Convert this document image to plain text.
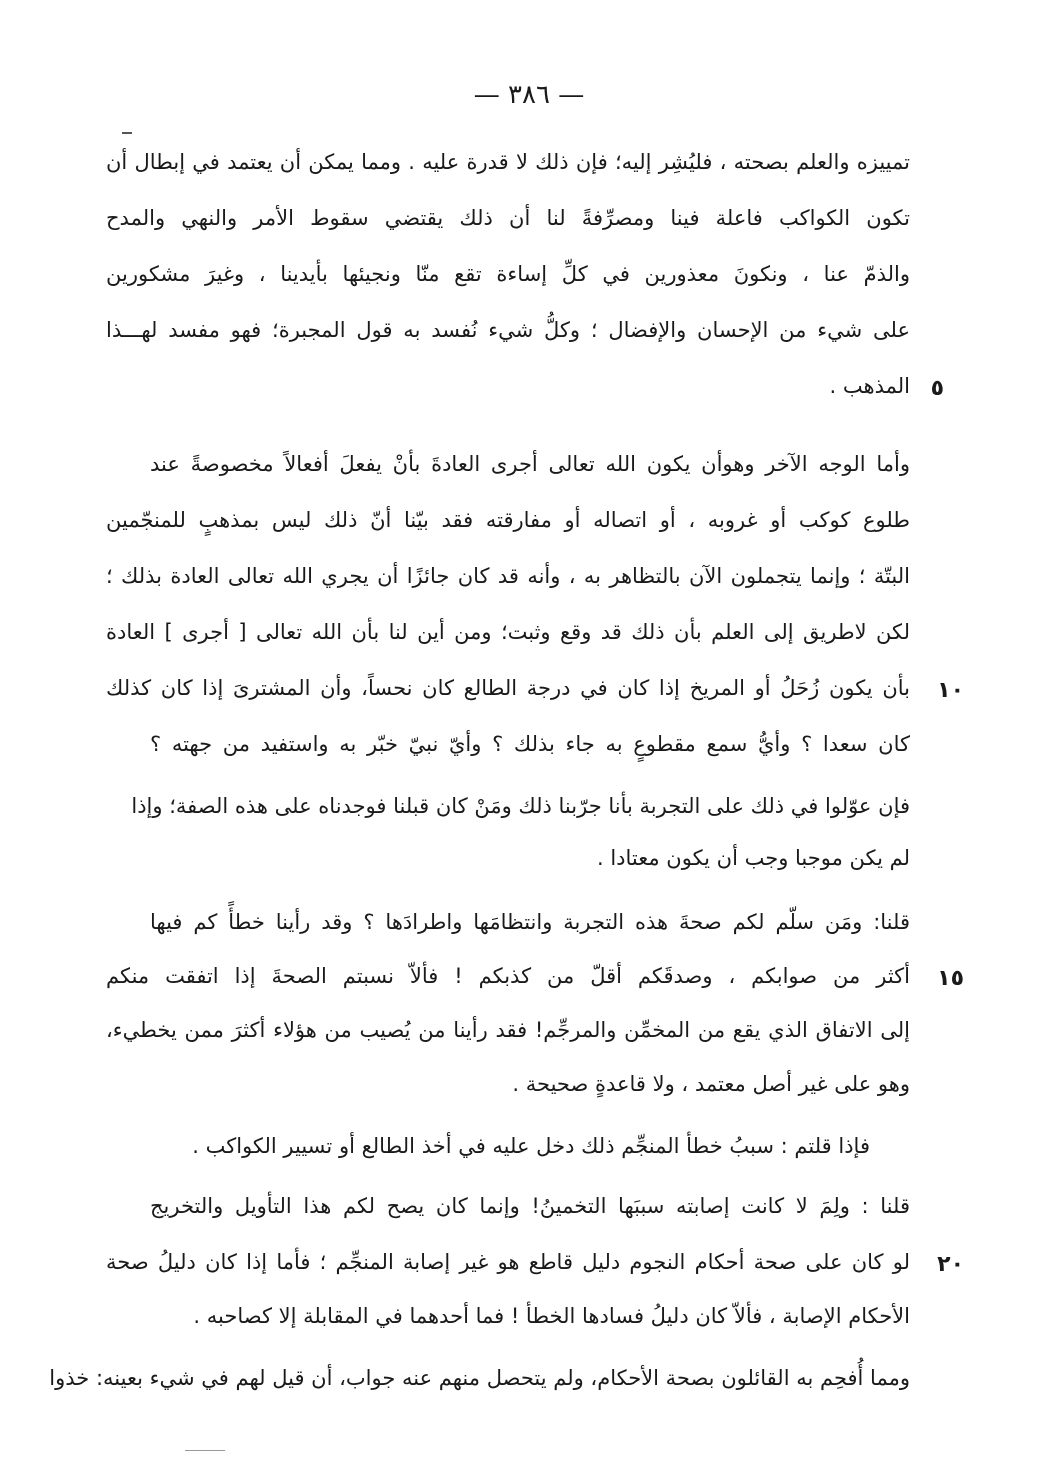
— ٣٨٦ —
تمييزه والعلم بصحته ، فليُشِر إليه؛ فإن ذلك لا قدرة عليه . ومما يمكن أن يعتمد في إبطال أن
تكون الكواكب فاعلة فينا ومصرِّفةً لنا أن ذلك يقتضي سقوط الأمر والنهي والمدح
والذمّ عنا ، ونكونَ معذورين في كلِّ إساءة تقع منّا ونجيئها بأيدينا ، وغيرَ مشكورين
على شيء من الإحسان والإفضال ؛ وكلُّ شيء نُفسد به قول المجبرة؛ فهو مفسد لهـــذا
المذهب . ٥
وأما الوجه الآخر وهوأن يكون الله تعالى أجرى العادةَ بأنْ يفعلَ أفعالاً مخصوصةً عند
طلوع كوكب أو غروبه ، أو اتصاله أو مفارقته فقد بيّنا أنّ ذلك ليس بمذهبٍ للمنجّمين
البتّة ؛ وإنما يتجملون الآن بالتظاهر به ، وأنه قد كان جائزًا أن يجري الله تعالى العادة بذلك ؛
لكن لاطريق إلى العلم بأن ذلك قد وقع وثبت؛ ومن أين لنا بأن الله تعالى [ أجرى ] العادة
بأن يكون زُحَلُ أو المريخ إذا كان في درجة الطالع كان نحساً، وأن المشترىَ إذا كان كذلك	١٠
كان سعدا ؟ وأيُّ سمع مقطوعٍ به جاء بذلك ؟ وأيّ نبيّ خبّر به واستفيد من جهته ؟
فإن عوّلوا في ذلك على التجربة بأنا جرّبنا ذلك ومَنْ كان قبلنا فوجدناه على هذه الصفة؛ وإذا
لم يكن موجبا وجب أن يكون معتادا .
قلنا: ومَن سلّم لكم صحةَ هذه التجربة وانتظامَها واطرادَها ؟ وقد رأينا خطأً كم فيها
أكثر من صوابكم ، وصدقَكم أقلّ من كذبكم ! فألاّ نسبتم الصحةَ إذا اتفقت منكم	١٥
إلى الاتفاق الذي يقع من المخمِّن والمرجِّم! فقد رأينا من يُصيب من هؤلاء أكثرَ ممن يخطيء،
وهو على غير أصل معتمد ، ولا قاعدةٍ صحيحة .
فإذا قلتم : سببُ خطأ المنجِّم ذلك دخل عليه في أخذ الطالع أو تسيير الكواكب .
قلنا : ولِمَ لا كانت إصابته سببَها التخمينُ! وإنما كان يصح لكم هذا التأويل والتخريج
لو كان على صحة أحكام النجوم دليل قاطع هو غير إصابة المنجِّم ؛ فأما إذا كان دليلُ صحة	٢٠
الأحكام الإصابة ، فألاّ كان دليلُ فسادها الخطأ ! فما أحدهما في المقابلة إلا كصاحبه .
ومما أُفحِم به القائلون بصحة الأحكام، ولم يتحصل منهم عنه جواب، أن قيل لهم في شيء بعينه: خذوا
